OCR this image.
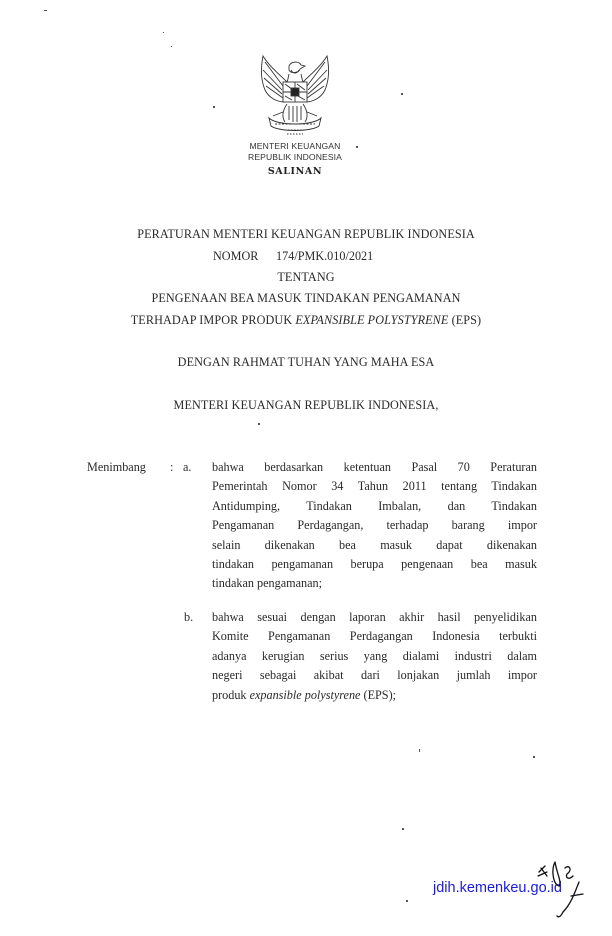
MENTERI KEUANGAN
REPUBLIK INDONESIA
SALINAN
PERATURAN MENTERI KEUANGAN REPUBLIK INDONESIA
NOMOR 174/PMK.010/2021
TENTANG
PENGENAAN BEA MASUK TINDAKAN PENGAMANAN
TERHADAP IMPOR PRODUK EXPANSIBLE POLYSTYRENE (EPS)
DENGAN RAHMAT TUHAN YANG MAHA ESA
MENTERI KEUANGAN REPUBLIK INDONESIA,
Menimbang : a. bahwa berdasarkan ketentuan Pasal 70 Peraturan
Pemerintah Nomor 34 Tahun 2011 tentang Tindakan
Antidumping, Tindakan Imbalan, dan Tindakan
Pengamanan Perdagangan, terhadap barang impor
selain dikenakan bea masuk dapat dikenakan
tindakan pengamanan berupa pengenaan bea masuk
tindakan pengamanan;
b. bahwa sesuai dengan laporan akhir hasil penyelidikan
Komite Pengamanan Perdagangan Indonesia terbukti
adanya kerugian serius yang dialami industri dalam
negeri sebagai akibat dari lonjakan jumlah impor
produk expansible polystyrene (EPS);
jdih.kemenkeu.go.id
